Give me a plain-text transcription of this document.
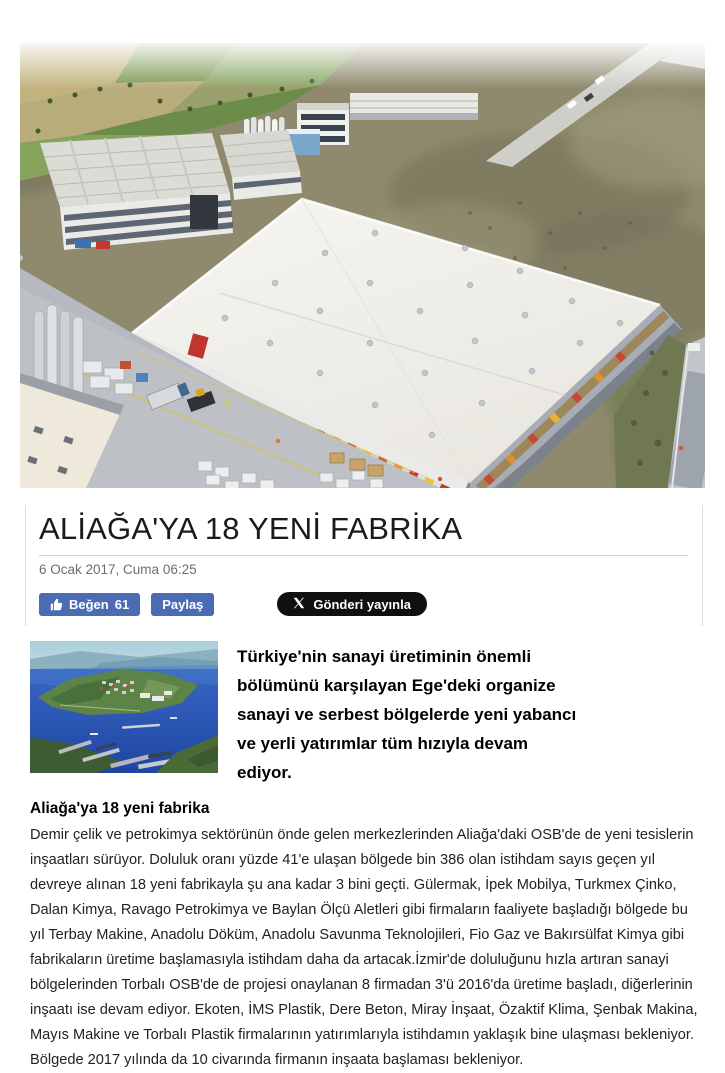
ALİAĞA'YA 18 YENİ FABRİKA
6 Ocak 2017, Cuma 06:25
Beğen 61	Paylaş	Gönderi yayınla

Türkiye'nin sanayi üretiminin önemli bölümünü karşılayan Ege'deki organize sanayi ve serbest bölgelerde yeni yabancı ve yerli yatırımlar tüm hızıyla devam ediyor.

Aliağa'ya 18 yeni fabrika

Demir çelik ve petrokimya sektörünün önde gelen merkezlerinden Aliağa'daki OSB'de de yeni tesislerin inşaatları sürüyor. Doluluk oranı yüzde 41'e ulaşan bölgede bin 386 olan istihdam sayıs geçen yıl devreye alınan 18 yeni fabrikayla şu ana kadar 3 bini geçti. Gülermak, İpek Mobilya, Turkmex Çinko, Dalan Kimya, Ravago Petrokimya ve Baylan Ölçü Aletleri gibi firmaların faaliyete başladığı bölgede bu yıl Terbay Makine, Anadolu Döküm, Anadolu Savunma Teknolojileri, Fio Gaz ve Bakırsülfat Kimya gibi fabrikaların üretime başlamasıyla istihdam daha da artacak.İzmir'de doluluğunu hızla artıran sanayi bölgelerinden Torbalı OSB'de de projesi onaylanan 8 firmadan 3'ü 2016'da üretime başladı, diğerlerinin inşaatı ise devam ediyor. Ekoten, İMS Plastik, Dere Beton, Miray İnşaat, Özaktif Klima, Şenbak Makina, Mayıs Makine ve Torbalı Plastik firmalarının yatırımlarıyla istihdamın yaklaşık bine ulaşması bekleniyor. Bölgede 2017 yılında da 10 civarında firmanın inşaata başlaması bekleniyor.
